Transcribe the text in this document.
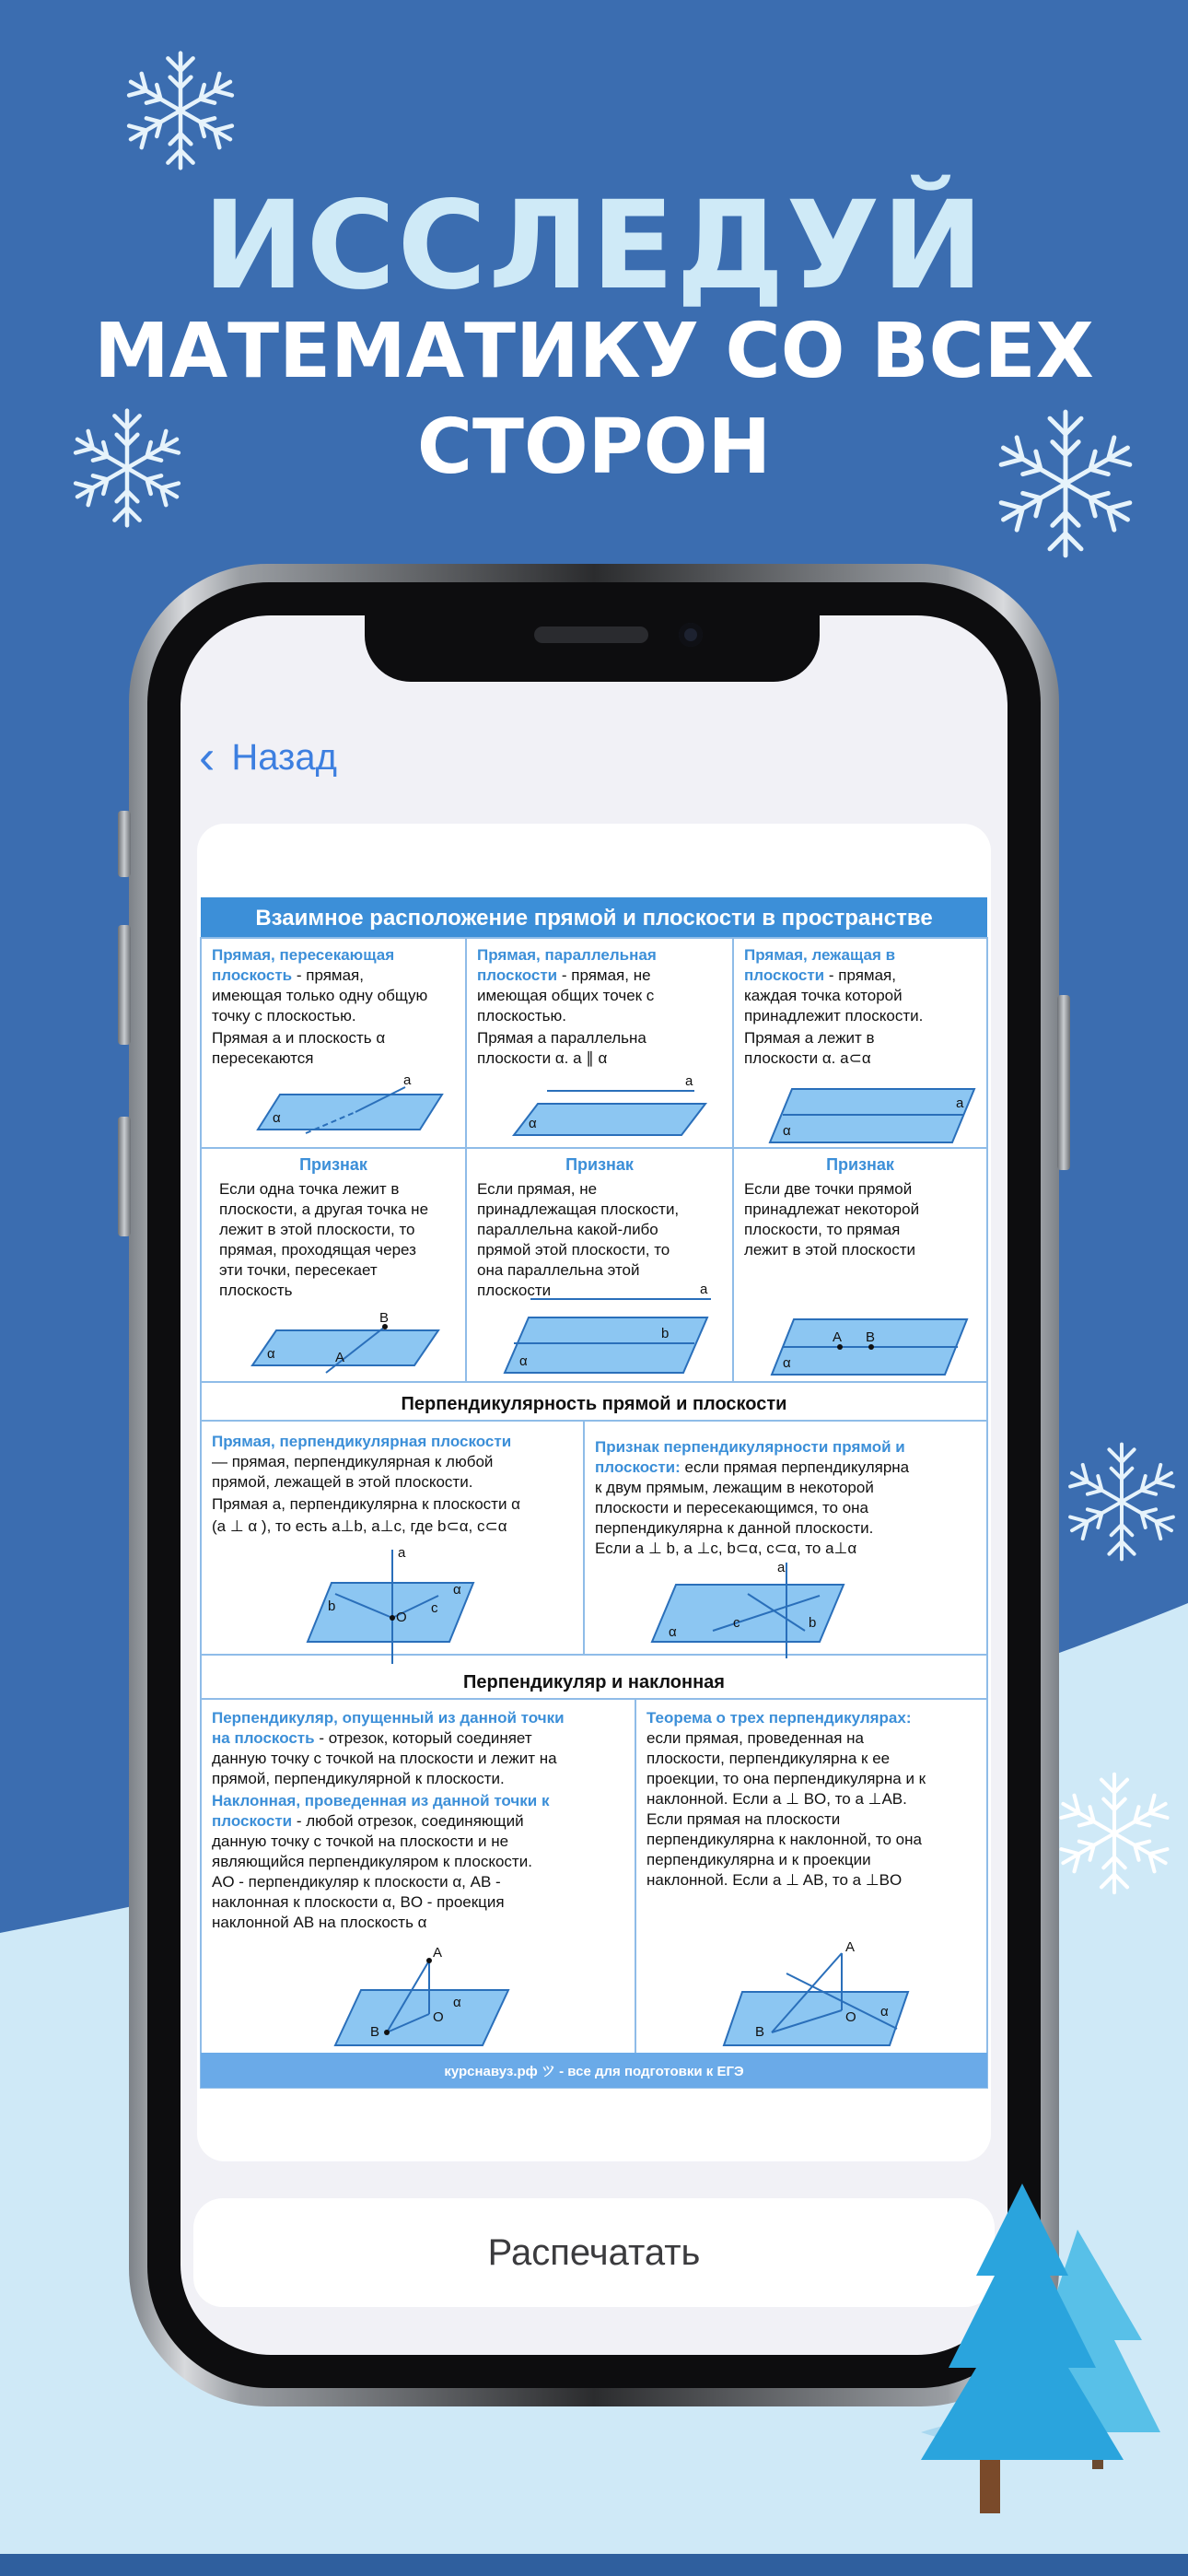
ИССЛЕДУЙ
МАТЕМАТИКУ СО ВСЕХ
СТОРОН
‹ Назад
Взаимное расположение прямой и плоскости в пространстве
Прямая, пересекающая
плоскость - прямая,
имеющая только одну общую
точку с плоскостью.
Прямая a и плоскость α
пересекаются
a
α
Прямая, параллельная
плоскости - прямая, не
имеющая общих точек с
плоскостью.
Прямая a параллельна
плоскости α. a ∥ α
a
α
Прямая, лежащая в
плоскости - прямая,
каждая точка которой
принадлежит плоскости.
Прямая a лежит в
плоскости α. a⊂α
a
α
Признак
Если одна точка лежит в
плоскости, а другая точка не
лежит в этой плоскости, то
прямая, проходящая через
эти точки, пересекает
плоскость
B
A
α
Признак
Если прямая, не
принадлежащая плоскости,
параллельна какой-либо
прямой этой плоскости, то
она параллельна этой
плоскости	a
b
α
Признак
Если две точки прямой
принадлежат некоторой
плоскости, то прямая
лежит в этой плоскости
A B
α
Перпендикулярность прямой и плоскости
Прямая, перпендикулярная плоскости
— прямая, перпендикулярная к любой
прямой, лежащей в этой плоскости.
Прямая a, перпендикулярна к плоскости α
(a ⊥ α ), то есть a⊥b, a⊥c, где b⊂α, c⊂α
a
b	c
O
α
Признак перпендикулярности прямой и
плоскости: если прямая перпендикулярна
к двум прямым, лежащим в некоторой
плоскости и пересекающимся, то она
перпендикулярна к данной плоскости.
Если a ⊥ b, a ⊥c, b⊂α, c⊂α, то a⊥α
a
c	b
α
Перпендикуляр и наклонная
Перпендикуляр, опущенный из данной точки
на плоскость - отрезок, который соединяет
данную точку с точкой на плоскости и лежит на
прямой, перпендикулярной к плоскости.
Наклонная, проведенная из данной точки к
плоскости - любой отрезок, соединяющий
данную точку с точкой на плоскости и не
являющийся перпендикуляром к плоскости.
AO - перпендикуляр к плоскости α, AB -
наклонная к плоскости α, BO - проекция
наклонной AB на плоскость α
A
B
O
α
Теорема о трех перпендикулярах:
если прямая, проведенная на
плоскости, перпендикулярна к ее
проекции, то она перпендикулярна и к
наклонной. Если a ⊥ BO, то a ⊥AB.
Если прямая на плоскости
перпендикулярна к наклонной, то она
перпендикулярна и к проекции
наклонной. Если a ⊥ AB, то a ⊥BO
A
B
O α
курснавуз.рф ツ - все для подготовки к ЕГЭ
Распечатать
